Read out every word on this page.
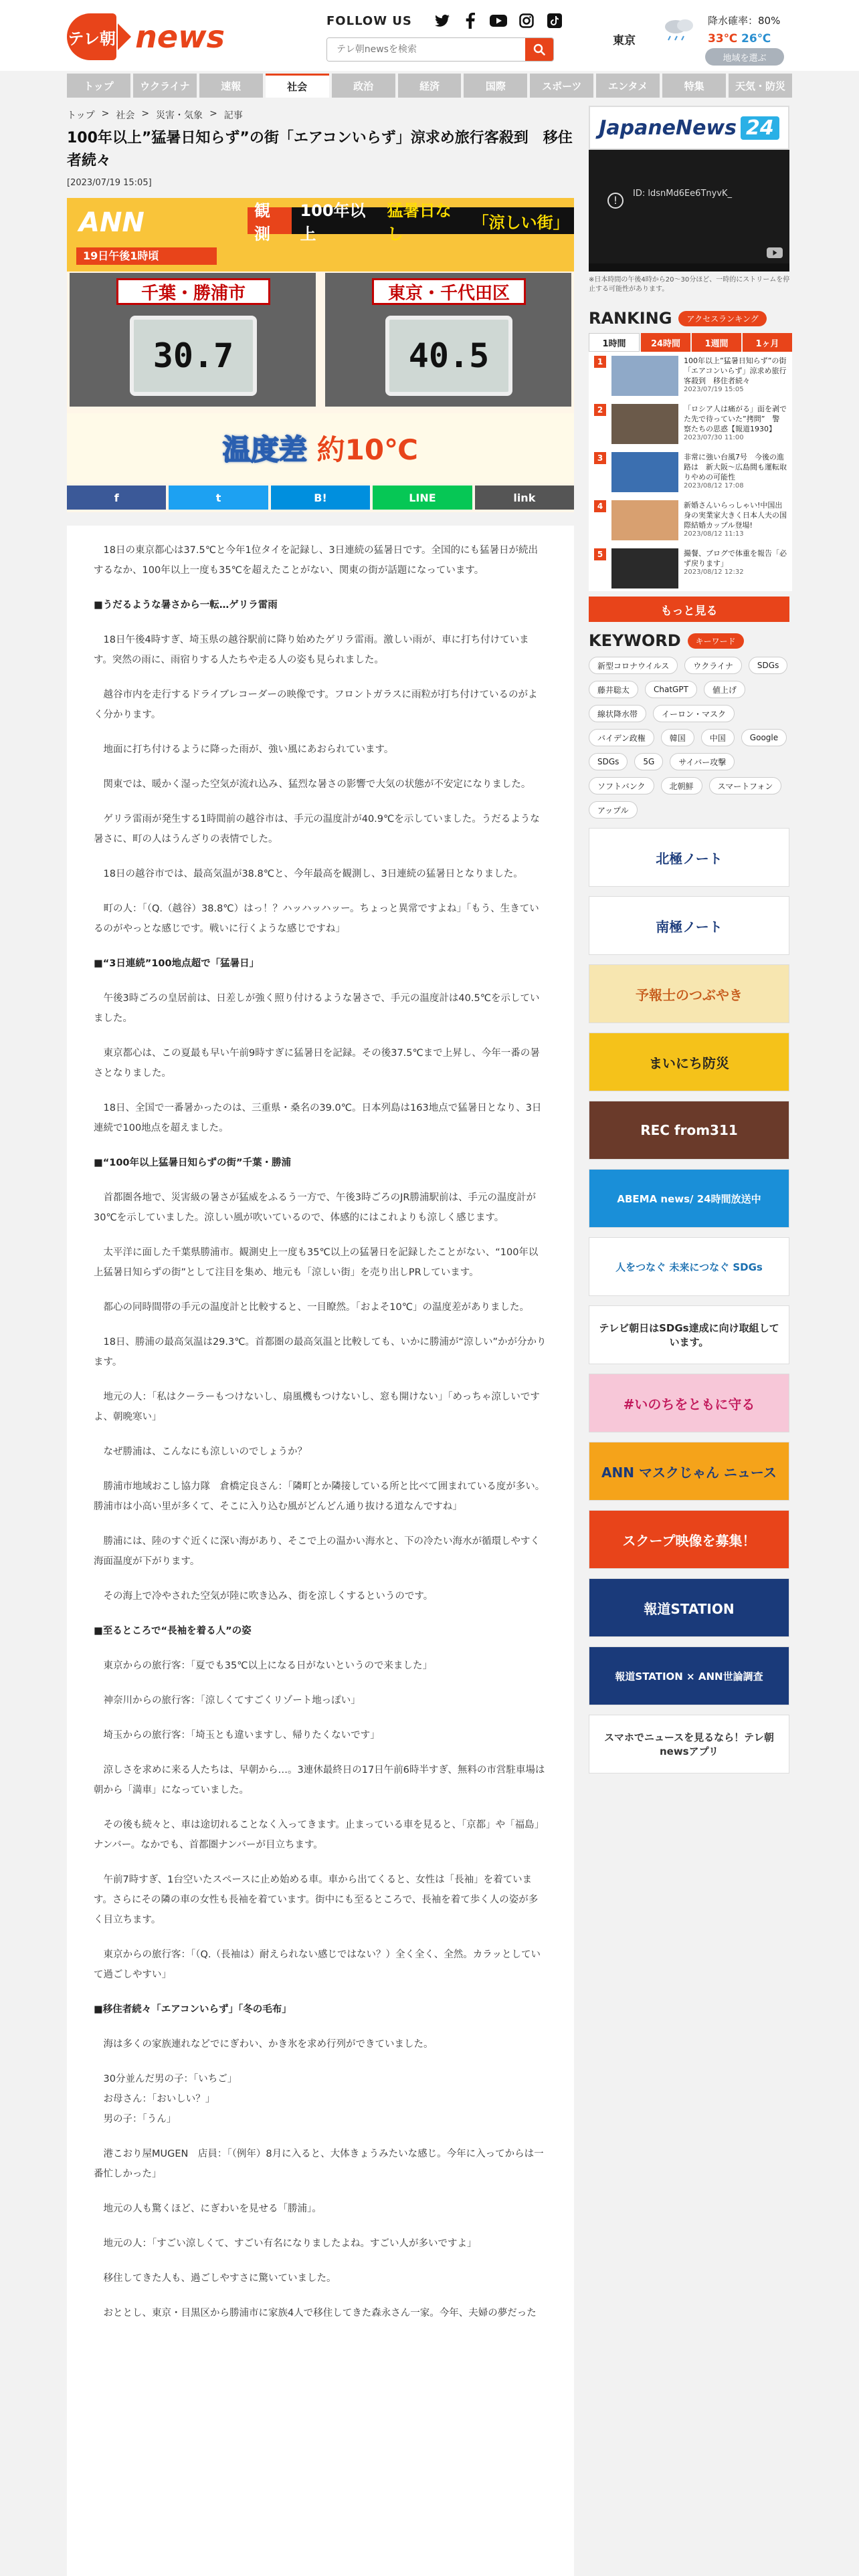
テレ朝 news	FOLLOW US
テレ朝newsを検索
東京
降水確率：80%
33℃ 26℃
地域を選ぶ
トップ	ウクライナ	速報	社会	政治	経済	国際	スポーツ	エンタメ	特集	天気・防災
トップ > 社会 > 災害・気象 > 記事
100年以上”猛暑日知らず”の街「エアコンいらず」涼求め旅行客殺到　移住者続々
[2023/07/19 15:05]
ANN
19日午後1時頃
観測
100年以上
猛暑日なし
「涼しい街」
千葉・勝浦市
30.7
東京・千代田区
40.5
温度差 約10℃
f	t	B!	LINE	link

　18日の東京都心は37.5℃と今年1位タイを記録し、3日連続の猛暑日です。全国的にも猛暑日が続出するなか、100年以上一度も35℃を超えたことがない、関東の街が話題になっています。

■うだるような暑さから一転…ゲリラ雷雨

　18日午後4時すぎ、埼玉県の越谷駅前に降り始めたゲリラ雷雨。激しい雨が、車に打ち付けています。突然の雨に、雨宿りする人たちや走る人の姿も見られました。

　越谷市内を走行するドライブレコーダーの映像です。フロントガラスに雨粒が打ち付けているのがよく分かります。

　地面に打ち付けるように降った雨が、強い風にあおられています。

　関東では、暖かく湿った空気が流れ込み、猛烈な暑さの影響で大気の状態が不安定になりました。

　ゲリラ雷雨が発生する1時間前の越谷市は、手元の温度計が40.9℃を示していました。うだるような暑さに、町の人はうんざりの表情でした。

　18日の越谷市では、最高気温が38.8℃と、今年最高を観測し、3日連続の猛暑日となりました。

　町の人：「（Q.（越谷）38.8℃）はっ！？ハッハッハッー。ちょっと異常ですよね」「もう、生きているのがやっとな感じです。戦いに行くような感じですね」

■“3日連続”100地点超で「猛暑日」

　午後3時ごろの皇居前は、日差しが強く照り付けるような暑さで、手元の温度計は40.5℃を示していました。

　東京都心は、この夏最も早い午前9時すぎに猛暑日を記録。その後37.5℃まで上昇し、今年一番の暑さとなりました。

　18日、全国で一番暑かったのは、三重県・桑名の39.0℃。日本列島は163地点で猛暑日となり、3日連続で100地点を超えました。

■“100年以上猛暑日知らずの街”千葉・勝浦

　首都圏各地で、災害級の暑さが猛威をふるう一方で、午後3時ごろのJR勝浦駅前は、手元の温度計が30℃を示していました。涼しい風が吹いているので、体感的にはこれよりも涼しく感じます。

　太平洋に面した千葉県勝浦市。観測史上一度も35℃以上の猛暑日を記録したことがない、“100年以上猛暑日知らずの街”として注目を集め、地元も「涼しい街」を売り出しPRしています。

　都心の同時間帯の手元の温度計と比較すると、一目瞭然。「およそ10℃」の温度差がありました。

　18日、勝浦の最高気温は29.3℃。首都圏の最高気温と比較しても、いかに勝浦が“涼しい”かが分かります。

　地元の人：「私はクーラーもつけないし、扇風機もつけないし、窓も開けない」「めっちゃ涼しいですよ、朝晩寒い」

　なぜ勝浦は、こんなにも涼しいのでしょうか？

　勝浦市地域おこし協力隊　倉橋定良さん：「隣町とか隣接している所と比べて囲まれている度が多い。勝浦市は小高い里が多くて、そこに入り込む風がどんどん通り抜ける道なんですね」

　勝浦には、陸のすぐ近くに深い海があり、そこで上の温かい海水と、下の冷たい海水が循環しやすく海面温度が下がります。

　その海上で冷やされた空気が陸に吹き込み、街を涼しくするというのです。

■至るところで“長袖を着る人”の姿

　東京からの旅行客：「夏でも35℃以上になる日がないというので来ました」

　神奈川からの旅行客：「涼しくてすごくリゾート地っぽい」

　埼玉からの旅行客：「埼玉とも違いますし、帰りたくないです」

　涼しさを求めに来る人たちは、早朝から…。3連休最終日の17日午前6時半すぎ、無料の市営駐車場は朝から「満車」になっていました。

　その後も続々と、車は途切れることなく入ってきます。止まっている車を見ると、「京都」や「福島」ナンバー。なかでも、首都圏ナンバーが目立ちます。

　午前7時すぎ、1台空いたスペースに止め始める車。車から出てくると、女性は「長袖」を着ています。さらにその隣の車の女性も長袖を着ています。街中にも至るところで、長袖を着て歩く人の姿が多く目立ちます。

　東京からの旅行客：「（Q.（長袖は）耐えられない感じではない？）全く全く、全然。カラッとしていて過ごしやすい」

■移住者続々「エアコンいらず」「冬の毛布」

　海は多くの家族連れなどでにぎわい、かき氷を求め行列ができていました。

　30分並んだ男の子：「いちご」
　お母さん：「おいしい？」
　男の子：「うん」

　港こおり屋MUGEN　店員：「（例年）8月に入ると、大体きょうみたいな感じ。今年に入ってからは一番忙しかった」

　地元の人も驚くほど、にぎわいを見せる「勝浦」。

　地元の人：「すごい涼しくて、すごい有名になりましたよね。すごい人が多いですよ」

　移住してきた人も、過ごしやすさに驚いていました。

　おととし、東京・目黒区から勝浦市に家族4人で移住してきた森永さん一家。今年、夫婦の夢だった

JapaneNews 24
!
ID: ldsnMd6Ee6TnyvK_
※日本時間の午後4時から20～30分ほど、一時的にストリームを停止する可能性があります。
RANKING	アクセスランキング
1時間	24時間	1週間	1ヶ月
1	100年以上”猛暑日知らず”の街「エアコンいらず」涼求め旅行客殺到　移住者続々
2023/07/19 15:05
2	「ロシア人は痛がる」面を剥でた先で待っていた”拷問”　警察たちの思惑【報道1930】
2023/07/30 11:00
3	非常に強い台風7号　今後の進路は　新大阪～広島間も運転取りやめの可能性
2023/08/12 17:08
4	新婚さんいらっしゃい!中国出身の実業家大きく日本人夫の国際結婚カップル登場!
2023/08/12 11:13
5	撮餐、ブログで体重を報告「必ず戻ります」
2023/08/12 12:32
もっと見る
KEYWORD	キーワード
新型コロナウイルス	ウクライナ	SDGs
藤井聡太	ChatGPT	値上げ
線状降水帯	イーロン・マスク
バイデン政権	韓国	中国	Google
SDGs	5G	サイバー攻撃
ソフトバンク	北朝鮮	スマートフォン
アップル
北極ノート
南極ノート
予報士のつぶやき
まいにち防災
REC from311
ABEMA news/ 24時間放送中
人をつなぐ 未来につなぐ SDGs
テレビ朝日はSDGs達成に向け取組しています。
#いのちをともに守る
ANN マスクじゃん ニュース
スクープ映像を募集！
報道STATION
報道STATION × ANN世論調査
スマホでニュースを見るなら！テレ朝newsアプリ
